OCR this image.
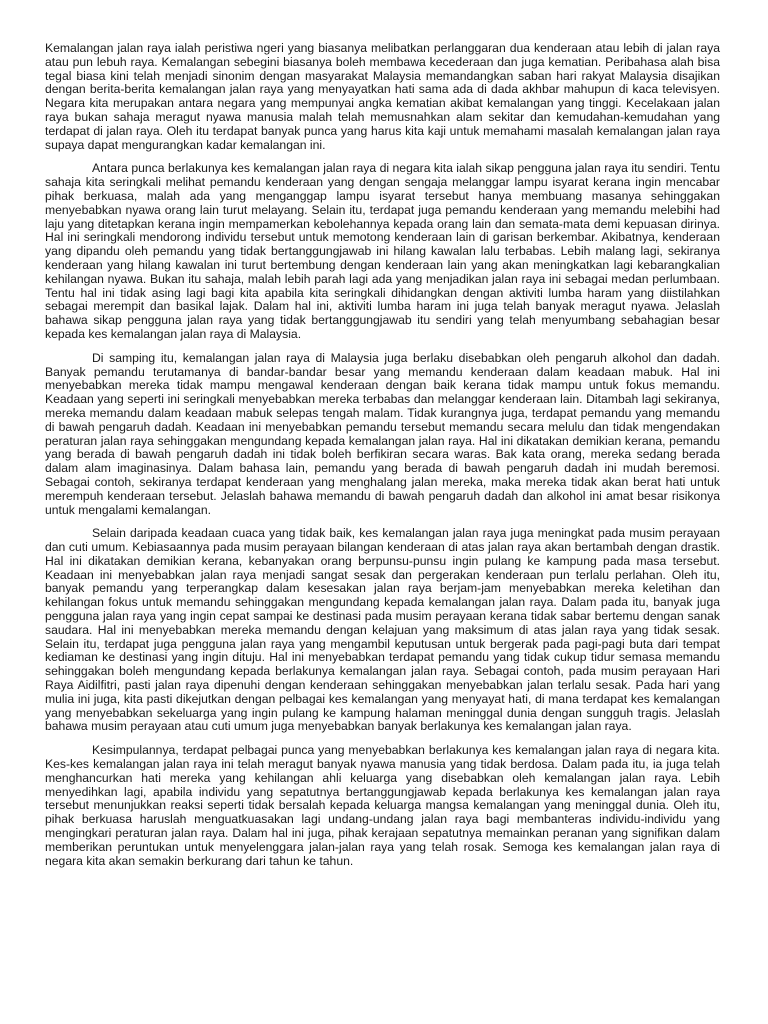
Kemalangan jalan raya ialah peristiwa ngeri yang biasanya melibatkan perlanggaran dua kenderaan atau lebih di jalan raya atau pun lebuh raya. Kemalangan sebegini biasanya boleh membawa kecederaan dan juga kematian. Peribahasa alah bisa tegal biasa kini telah menjadi sinonim dengan masyarakat Malaysia memandangkan saban hari rakyat Malaysia disajikan dengan berita-berita kemalangan jalan raya yang menyayatkan hati sama ada di dada akhbar mahupun di kaca televisyen. Negara kita merupakan antara negara yang mempunyai angka kematian akibat kemalangan yang tinggi. Kecelakaan jalan raya bukan sahaja meragut nyawa manusia malah telah memusnahkan alam sekitar dan kemudahan-kemudahan yang terdapat di jalan raya. Oleh itu terdapat banyak punca yang harus kita kaji untuk memahami masalah kemalangan jalan raya supaya dapat mengurangkan kadar kemalangan ini.

Antara punca berlakunya kes kemalangan jalan raya di negara kita ialah sikap pengguna jalan raya itu sendiri. Tentu sahaja kita seringkali melihat pemandu kenderaan yang dengan sengaja melanggar lampu isyarat kerana ingin mencabar pihak berkuasa, malah ada yang menganggap lampu isyarat tersebut hanya membuang masanya sehinggakan menyebabkan nyawa orang lain turut melayang. Selain itu, terdapat juga pemandu kenderaan yang memandu melebihi had laju yang ditetapkan kerana ingin mempamerkan kebolehannya kepada orang lain dan semata-mata demi kepuasan dirinya. Hal ini seringkali mendorong individu tersebut untuk memotong kenderaan lain di garisan berkembar. Akibatnya, kenderaan yang dipandu oleh pemandu yang tidak bertanggungjawab ini hilang kawalan lalu terbabas. Lebih malang lagi, sekiranya kenderaan yang hilang kawalan ini turut bertembung dengan kenderaan lain yang akan meningkatkan lagi kebarangkalian kehilangan nyawa. Bukan itu sahaja, malah lebih parah lagi ada yang menjadikan jalan raya ini sebagai medan perlumbaan. Tentu hal ini tidak asing lagi bagi kita apabila kita seringkali dihidangkan dengan aktiviti lumba haram yang diistilahkan sebagai merempit dan basikal lajak. Dalam hal ini, aktiviti lumba haram ini juga telah banyak meragut nyawa. Jelaslah bahawa sikap pengguna jalan raya yang tidak bertanggungjawab itu sendiri yang telah menyumbang sebahagian besar kepada kes kemalangan jalan raya di Malaysia.

Di samping itu, kemalangan jalan raya di Malaysia juga berlaku disebabkan oleh pengaruh alkohol dan dadah. Banyak pemandu terutamanya di bandar-bandar besar yang memandu kenderaan dalam keadaan mabuk. Hal ini menyebabkan mereka tidak mampu mengawal kenderaan dengan baik kerana tidak mampu untuk fokus memandu. Keadaan yang seperti ini seringkali menyebabkan mereka terbabas dan melanggar kenderaan lain. Ditambah lagi sekiranya, mereka memandu dalam keadaan mabuk selepas tengah malam. Tidak kurangnya juga, terdapat pemandu yang memandu di bawah pengaruh dadah. Keadaan ini menyebabkan pemandu tersebut memandu secara melulu dan tidak mengendakan peraturan jalan raya sehinggakan mengundang kepada kemalangan jalan raya. Hal ini dikatakan demikian kerana, pemandu yang berada di bawah pengaruh dadah ini tidak boleh berfikiran secara waras. Bak kata orang, mereka sedang berada dalam alam imaginasinya. Dalam bahasa lain, pemandu yang berada di bawah pengaruh dadah ini mudah beremosi. Sebagai contoh, sekiranya terdapat kenderaan yang menghalang jalan mereka, maka mereka tidak akan berat hati untuk merempuh kenderaan tersebut. Jelaslah bahawa memandu di bawah pengaruh dadah dan alkohol ini amat besar risikonya untuk mengalami kemalangan.

Selain daripada keadaan cuaca yang tidak baik, kes kemalangan jalan raya juga meningkat pada musim perayaan dan cuti umum. Kebiasaannya pada musim perayaan bilangan kenderaan di atas jalan raya akan bertambah dengan drastik. Hal ini dikatakan demikian kerana, kebanyakan orang berpunsu-punsu ingin pulang ke kampung pada masa tersebut. Keadaan ini menyebabkan jalan raya menjadi sangat sesak dan pergerakan kenderaan pun terlalu perlahan. Oleh itu, banyak pemandu yang terperangkap dalam kesesakan jalan raya berjam-jam menyebabkan mereka keletihan dan kehilangan fokus untuk memandu sehinggakan mengundang kepada kemalangan jalan raya. Dalam pada itu, banyak juga pengguna jalan raya yang ingin cepat sampai ke destinasi pada musim perayaan kerana tidak sabar bertemu dengan sanak saudara. Hal ini menyebabkan mereka memandu dengan kelajuan yang maksimum di atas jalan raya yang tidak sesak. Selain itu, terdapat juga pengguna jalan raya yang mengambil keputusan untuk bergerak pada pagi-pagi buta dari tempat kediaman ke destinasi yang ingin dituju. Hal ini menyebabkan terdapat pemandu yang tidak cukup tidur semasa memandu sehinggakan boleh mengundang kepada berlakunya kemalangan jalan raya. Sebagai contoh, pada musim perayaan Hari Raya Aidilfitri, pasti jalan raya dipenuhi dengan kenderaan sehinggakan menyebabkan jalan terlalu sesak. Pada hari yang mulia ini juga, kita pasti dikejutkan dengan pelbagai kes kemalangan yang menyayat hati, di mana terdapat kes kemalangan yang menyebabkan sekeluarga yang ingin pulang ke kampung halaman meninggal dunia dengan sungguh tragis. Jelaslah bahawa musim perayaan atau cuti umum juga menyebabkan banyak berlakunya kes kemalangan jalan raya.

Kesimpulannya, terdapat pelbagai punca yang menyebabkan berlakunya kes kemalangan jalan raya di negara kita. Kes-kes kemalangan jalan raya ini telah meragut banyak nyawa manusia yang tidak berdosa. Dalam pada itu, ia juga telah menghancurkan hati mereka yang kehilangan ahli keluarga yang disebabkan oleh kemalangan jalan raya. Lebih menyedihkan lagi, apabila individu yang sepatutnya bertanggungjawab kepada berlakunya kes kemalangan jalan raya tersebut menunjukkan reaksi seperti tidak bersalah kepada keluarga mangsa kemalangan yang meninggal dunia. Oleh itu, pihak berkuasa haruslah menguatkuasakan lagi undang-undang jalan raya bagi membanteras individu-individu yang mengingkari peraturan jalan raya. Dalam hal ini juga, pihak kerajaan sepatutnya memainkan peranan yang signifikan dalam memberikan peruntukan untuk menyelenggara jalan-jalan raya yang telah rosak. Semoga kes kemalangan jalan raya di negara kita akan semakin berkurang dari tahun ke tahun.
